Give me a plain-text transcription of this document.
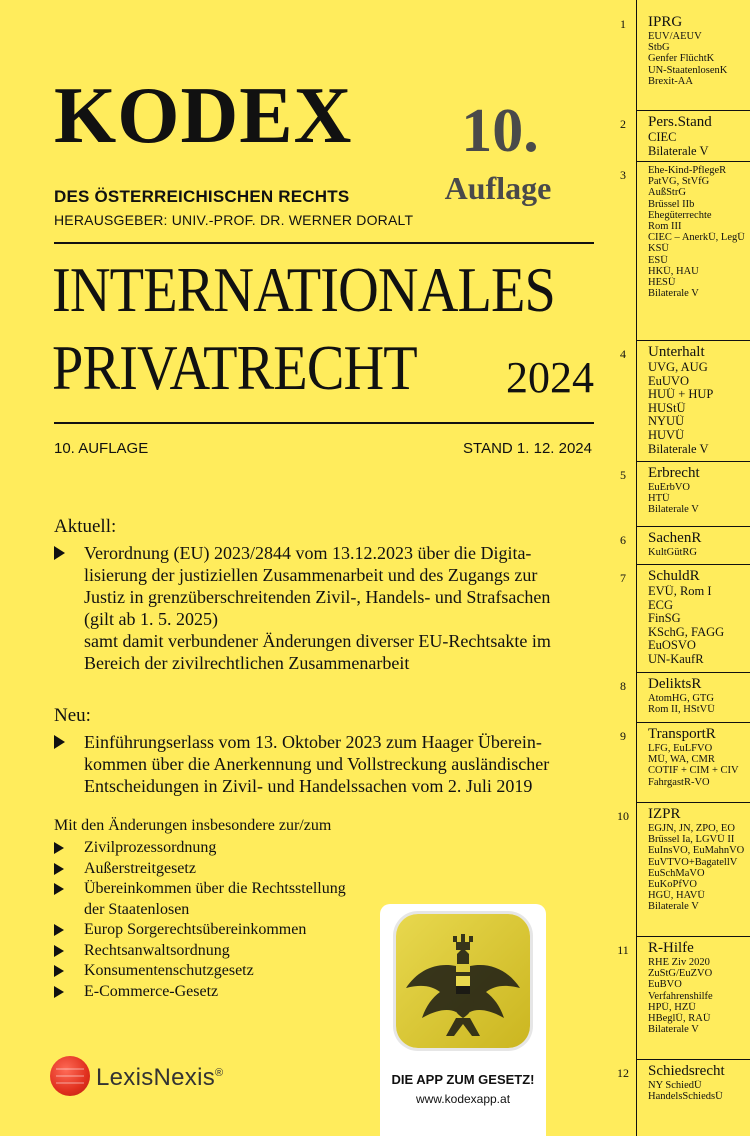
KODEX	10.
Auflage
DES ÖSTERREICHISCHEN RECHTS
HERAUSGEBER: UNIV.-PROF. DR. WERNER DORALT
INTERNATIONALES
PRIVATRECHT 2024
10. AUFLAGE	STAND 1. 12. 2024
Aktuell:
Verordnung (EU) 2023/2844 vom 13.12.2023 über die Digita-
lisierung der justiziellen Zusammenarbeit und des Zugangs zur
Justiz in grenzüberschreitenden Zivil-, Handels- und Strafsachen
(gilt ab 1. 5. 2025)
samt damit verbundener Änderungen diverser EU-Rechtsakte im
Bereich der zivilrechtlichen Zusammenarbeit
Neu:
Einführungserlass vom 13. Oktober 2023 zum Haager Überein-
kommen über die Anerkennung und Vollstreckung ausländischer
Entscheidungen in Zivil- und Handelssachen vom 2. Juli 2019
Mit den Änderungen insbesondere zur/zum
Zivilprozessordnung
Außerstreitgesetz
Übereinkommen über die Rechtsstellung
der Staatenlosen
Europ Sorgerechtsübereinkommen
Rechtsanwaltsordnung
Konsumentenschutzgesetz
E-Commerce-Gesetz
LexisNexis®	DIE APP ZUM GESETZ!
www.kodexapp.at
1	IPRG
EUV/AEUV
StbG
Genfer FlüchtK
UN-StaatenlosenK
Brexit-AA
2	Pers.Stand
CIEC
Bilaterale V
3	Ehe-Kind-PflegeR
PatVG, StVfG
AußStrG
Brüssel IIb
Ehegüterrechte
Rom III
CIEC – AnerkÜ, LegÜ
KSÜ
ESÜ
HKÜ, HAU
HESÜ
Bilaterale V
4	Unterhalt
UVG, AUG
EuUVO
HUÜ + HUP
HUStÜ
NYUÜ
HUVÜ
Bilaterale V
5	Erbrecht
EuErbVO
HTÜ
Bilaterale V
6	SachenR
KultGütRG
7	SchuldR
EVÜ, Rom I
ECG
FinSG
KSchG, FAGG
EuOSVO
UN-KaufR
8	DeliktsR
AtomHG, GTG
Rom II, HStVÜ
9	TransportR
LFG, EuLFVO
MÜ, WA, CMR
COTIF + CIM + CIV
FahrgastR-VO
10	IZPR
EGJN, JN, ZPO, EO
Brüssel Ia, LGVÜ II
EuInsVO, EuMahnVO
EuVTVO+BagatellV
EuSchMaVO
EuKoPfVO
HGÜ, HAVÜ
Bilaterale V
11	R-Hilfe
RHE Ziv 2020
ZuStG/EuZVO
EuBVO
Verfahrenshilfe
HPÜ, HZÜ
HBeglÜ, RAÜ
Bilaterale V
12	Schiedsrecht
NY SchiedÜ
HandelsSchiedsÜ
